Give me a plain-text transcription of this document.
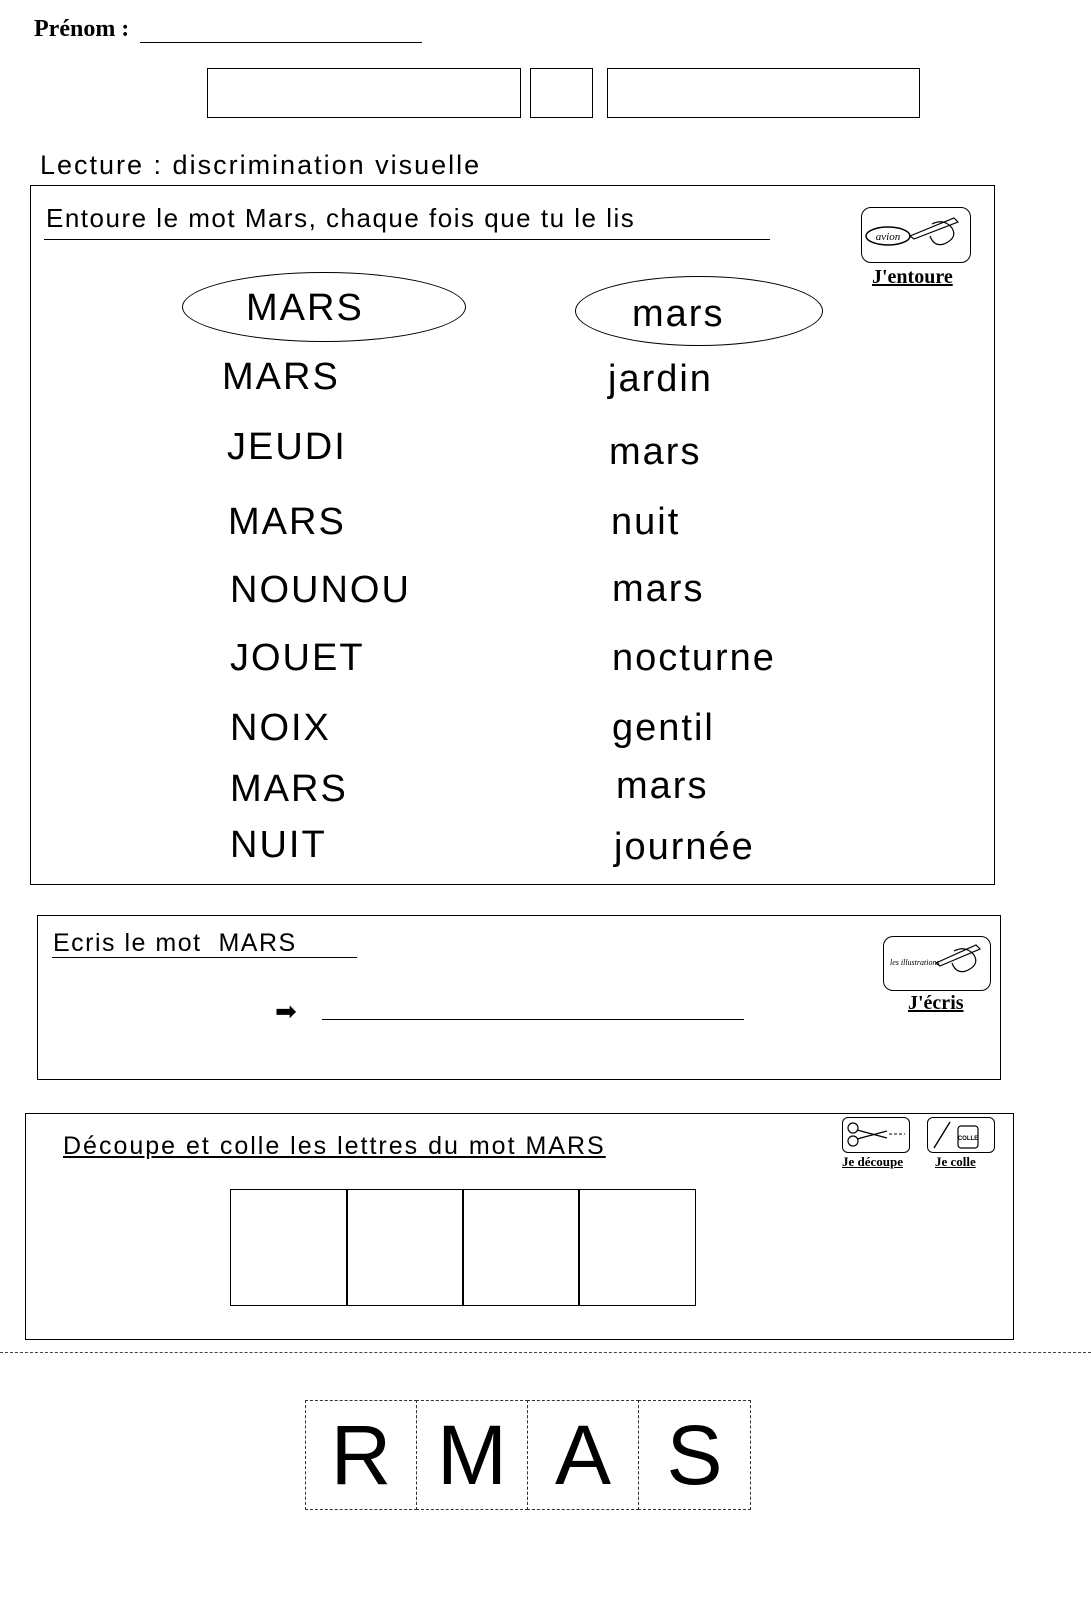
Prénom :
Lecture : discrimination visuelle
Entoure le mot Mars, chaque fois que tu le lis
avion
J'entoure
MARS
MARS
JEUDI
MARS
NOUNOU
JOUET
NOIX
MARS
NUIT
mars
jardin
mars
nuit
mars
nocturne
gentil
mars
journée
Ecris le mot  MARS
➡
les illustrations
J'écris
Découpe et colle les lettres du mot MARS
Je découpe
COLLE
Je colle
R M A S
